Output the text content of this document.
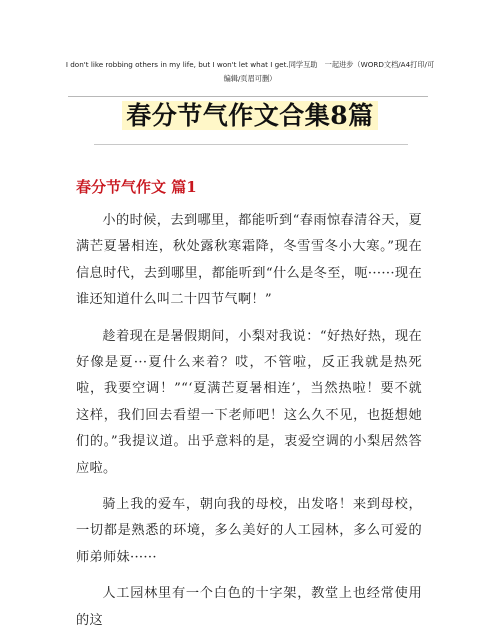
I don't like robbing others in my life, but I won't let what I get.同学互助　一起进步（WORD文档/A4打印/可
编辑/页眉可删）
春分节气作文合集8篇
春分节气作文 篇1

小的时候，去到哪里，都能听到“春雨惊春清谷天，夏满芒夏暑相连，秋处露秋寒霜降，冬雪雪冬小大寒。”现在信息时代，去到哪里，都能听到“什么是冬至，呃······现在谁还知道什么叫二十四节气啊！”

趁着现在是暑假期间，小梨对我说：“好热好热，现在好像是夏···夏什么来着？哎，不管啦，反正我就是热死啦，我要空调！”“‘夏满芒夏暑相连’，当然热啦！要不就这样，我们回去看望一下老师吧！这么久不见，也挺想她们的。”我提议道。出乎意料的是，衷爱空调的小梨居然答应啦。

骑上我的爱车，朝向我的母校，出发咯！来到母校，一切都是熟悉的环境，多么美好的人工园林，多么可爱的师弟师妹······

人工园林里有一个白色的十字架，教堂上也经常使用的这
